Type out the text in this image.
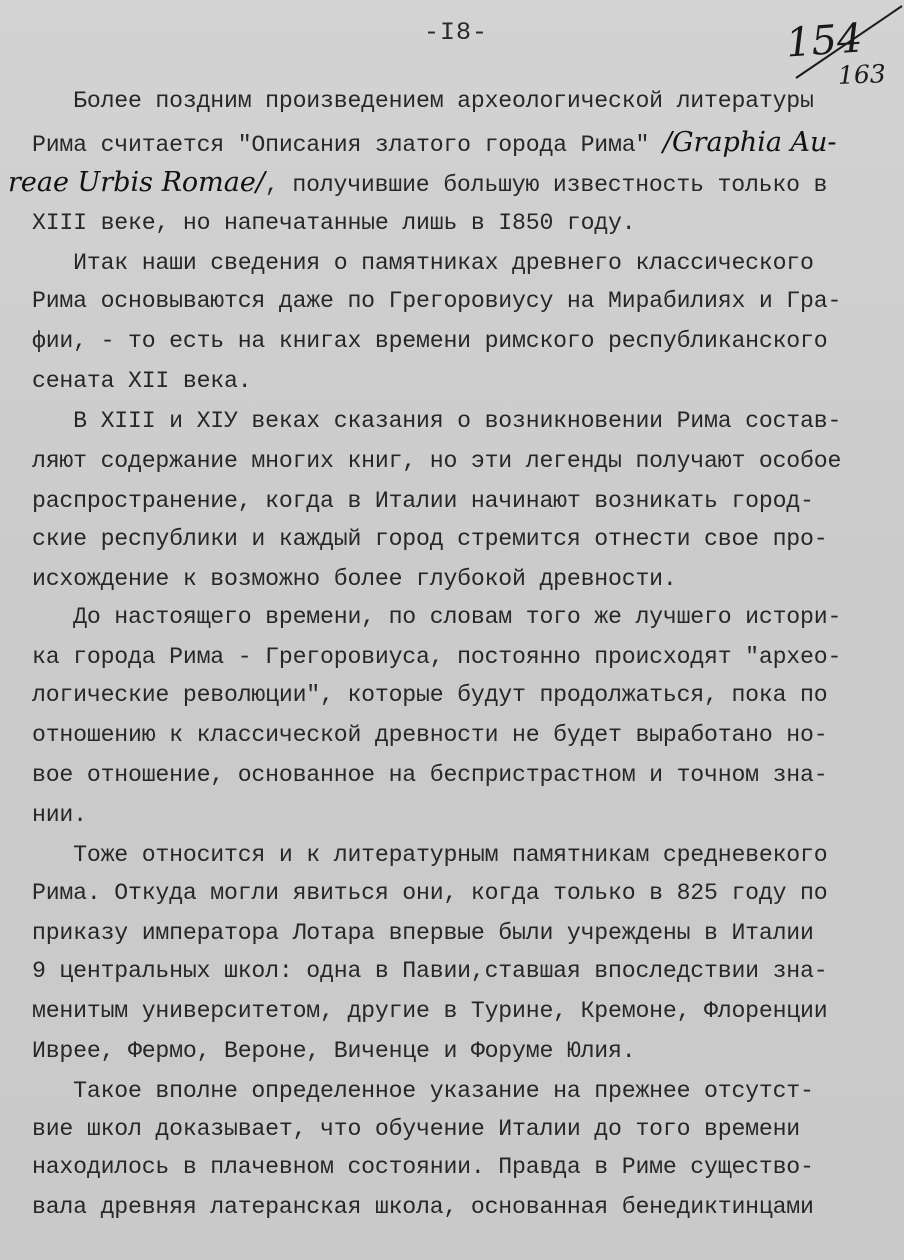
-I8-	154
163
Более поздним произведением археологической литературы
Рима считается "Описания златого города Рима" /Graphia Au-
reae Urbis Romae/, получившие большую известность только в
XIII веке, но напечатанные лишь в I850 году.
Итак наши сведения о памятниках древнего классического
Рима основываются даже по Грегоровиусу на Мирабилиях и Гра-
фии, - то есть на книгах времени римского республиканского
сената XII века.
В XIII и XIУ веках сказания о возникновении Рима состав-
ляют содержание многих книг, но эти легенды получают особое
распространение, когда в Италии начинают возникать город-
ские республики и каждый город стремится отнести свое про-
исхождение к возможно более глубокой древности.
До настоящего времени, по словам того же лучшего истори-
ка города Рима - Грегоровиуса, постоянно происходят "архео-
логические революции", которые будут продолжаться, пока по
отношению к классической древности не будет выработано но-
вое отношение, основанное на беспристрастном и точном зна-
нии.
Тоже относится и к литературным памятникам средневекого
Рима. Откуда могли явиться они, когда только в 825 году по
приказу императора Лотара впервые были учреждены в Италии
9 центральных школ: одна в Павии,ставшая впоследствии зна-
менитым университетом, другие в Турине, Кремоне, Флоренции
Иврее, Фермо, Вероне, Виченце и Форуме Юлия.
Такое вполне определенное указание на прежнее отсутст-
вие школ доказывает, что обучение Италии до того времени
находилось в плачевном состоянии. Правда в Риме существо-
вала древняя латеранская школа, основанная бенедиктинцами
